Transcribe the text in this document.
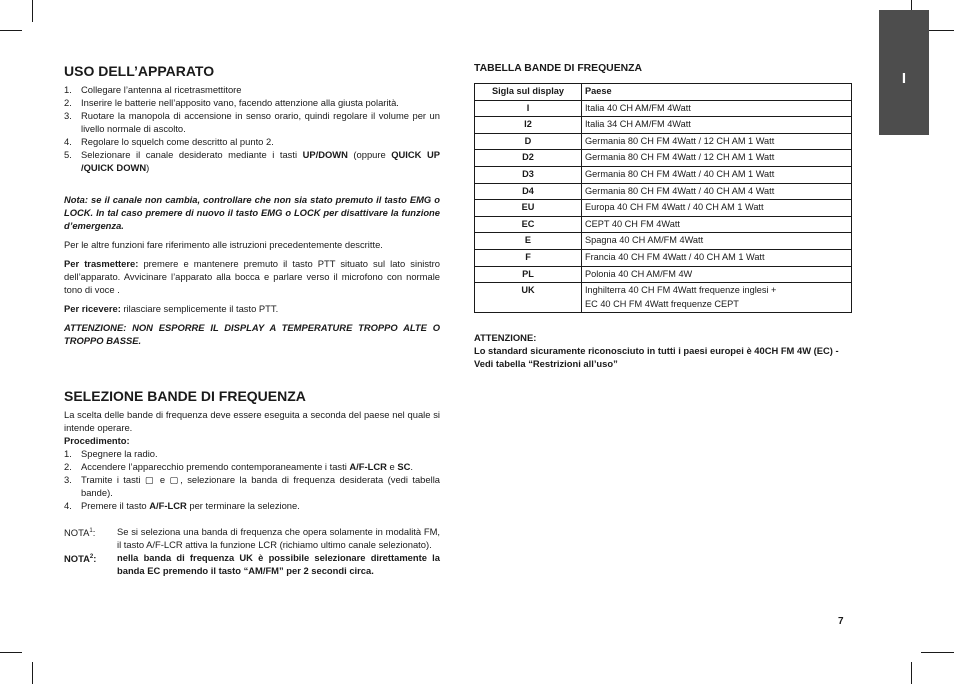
I
USO DELL’APPARATO
1. Collegare l’antenna al ricetrasmettitore
2. Inserire le batterie nell’apposito vano, facendo attenzione alla giusta polarità.
3. Ruotare la manopola di accensione in senso orario, quindi regolare il volume per un livello normale di ascolto.
4. Regolare lo squelch come descritto al punto 2.
5. Selezionare il canale desiderato mediante i tasti UP/DOWN (oppure QUICK UP /QUICK DOWN)

Nota: se il canale non cambia, controllare che non sia stato premuto il tasto EMG o LOCK. In tal caso premere di nuovo il tasto EMG o LOCK per disattivare la funzione d’emergenza.

Per le altre funzioni fare riferimento alle istruzioni precedentemente descritte.

Per trasmettere: premere e mantenere premuto il tasto PTT situato sul lato sinistro dell’apparato. Avvicinare l’apparato alla bocca e parlare verso il microfono con normale tono di voce .

Per ricevere: rilasciare semplicemente il tasto PTT.

ATTENZIONE: NON ESPORRE IL DISPLAY A TEMPERATURE TROPPO ALTE O TROPPO BASSE.

SELEZIONE BANDE DI FREQUENZA

La scelta delle bande di frequenza deve essere eseguita a seconda del paese nel quale si intende operare.

Procedimento:

1. Spegnere la radio.
2. Accendere l’apparecchio premendo contemporaneamente i tasti A/F-LCR e SC.
3. Tramite i tasti ▢ e ▢, selezionare la banda di frequenza desiderata (vedi tabella bande).
4. Premere il tasto A/F-LCR per terminare la selezione.
NOTA$^1$:	Se si seleziona una banda di frequenza che opera solamente in modalità FM, il tasto A/F-LCR attiva la funzione LCR (richiamo ultimo canale selezionato).
NOTA$^2$:	nella banda di frequenza UK è possibile selezionare direttamente la banda EC premendo il tasto “AM/FM” per 2 secondi circa.
TABELLA BANDE DI FREQUENZA
Sigla sul display	Paese
I	Italia 40 CH AM/FM 4Watt
I2	Italia 34 CH AM/FM 4Watt
D	Germania 80 CH FM 4Watt / 12 CH AM 1 Watt
D2	Germania 80 CH FM 4Watt / 12 CH AM 1 Watt
D3	Germania 80 CH FM 4Watt / 40 CH AM 1 Watt
D4	Germania 80 CH FM 4Watt / 40 CH AM 4 Watt
EU	Europa 40 CH FM 4Watt / 40 CH AM 1 Watt
EC	CEPT 40 CH FM 4Watt
E	Spagna 40 CH AM/FM 4Watt
F	Francia 40 CH FM 4Watt / 40 CH AM 1 Watt
PL	Polonia 40 CH AM/FM 4W
UK	Inghilterra 40 CH FM 4Watt frequenze inglesi +
EC 40 CH FM 4Watt frequenze CEPT
ATTENZIONE:
Lo standard sicuramente riconosciuto in tutti i paesi europei è 40CH FM 4W (EC) - Vedi tabella “Restrizioni all’uso”
7
